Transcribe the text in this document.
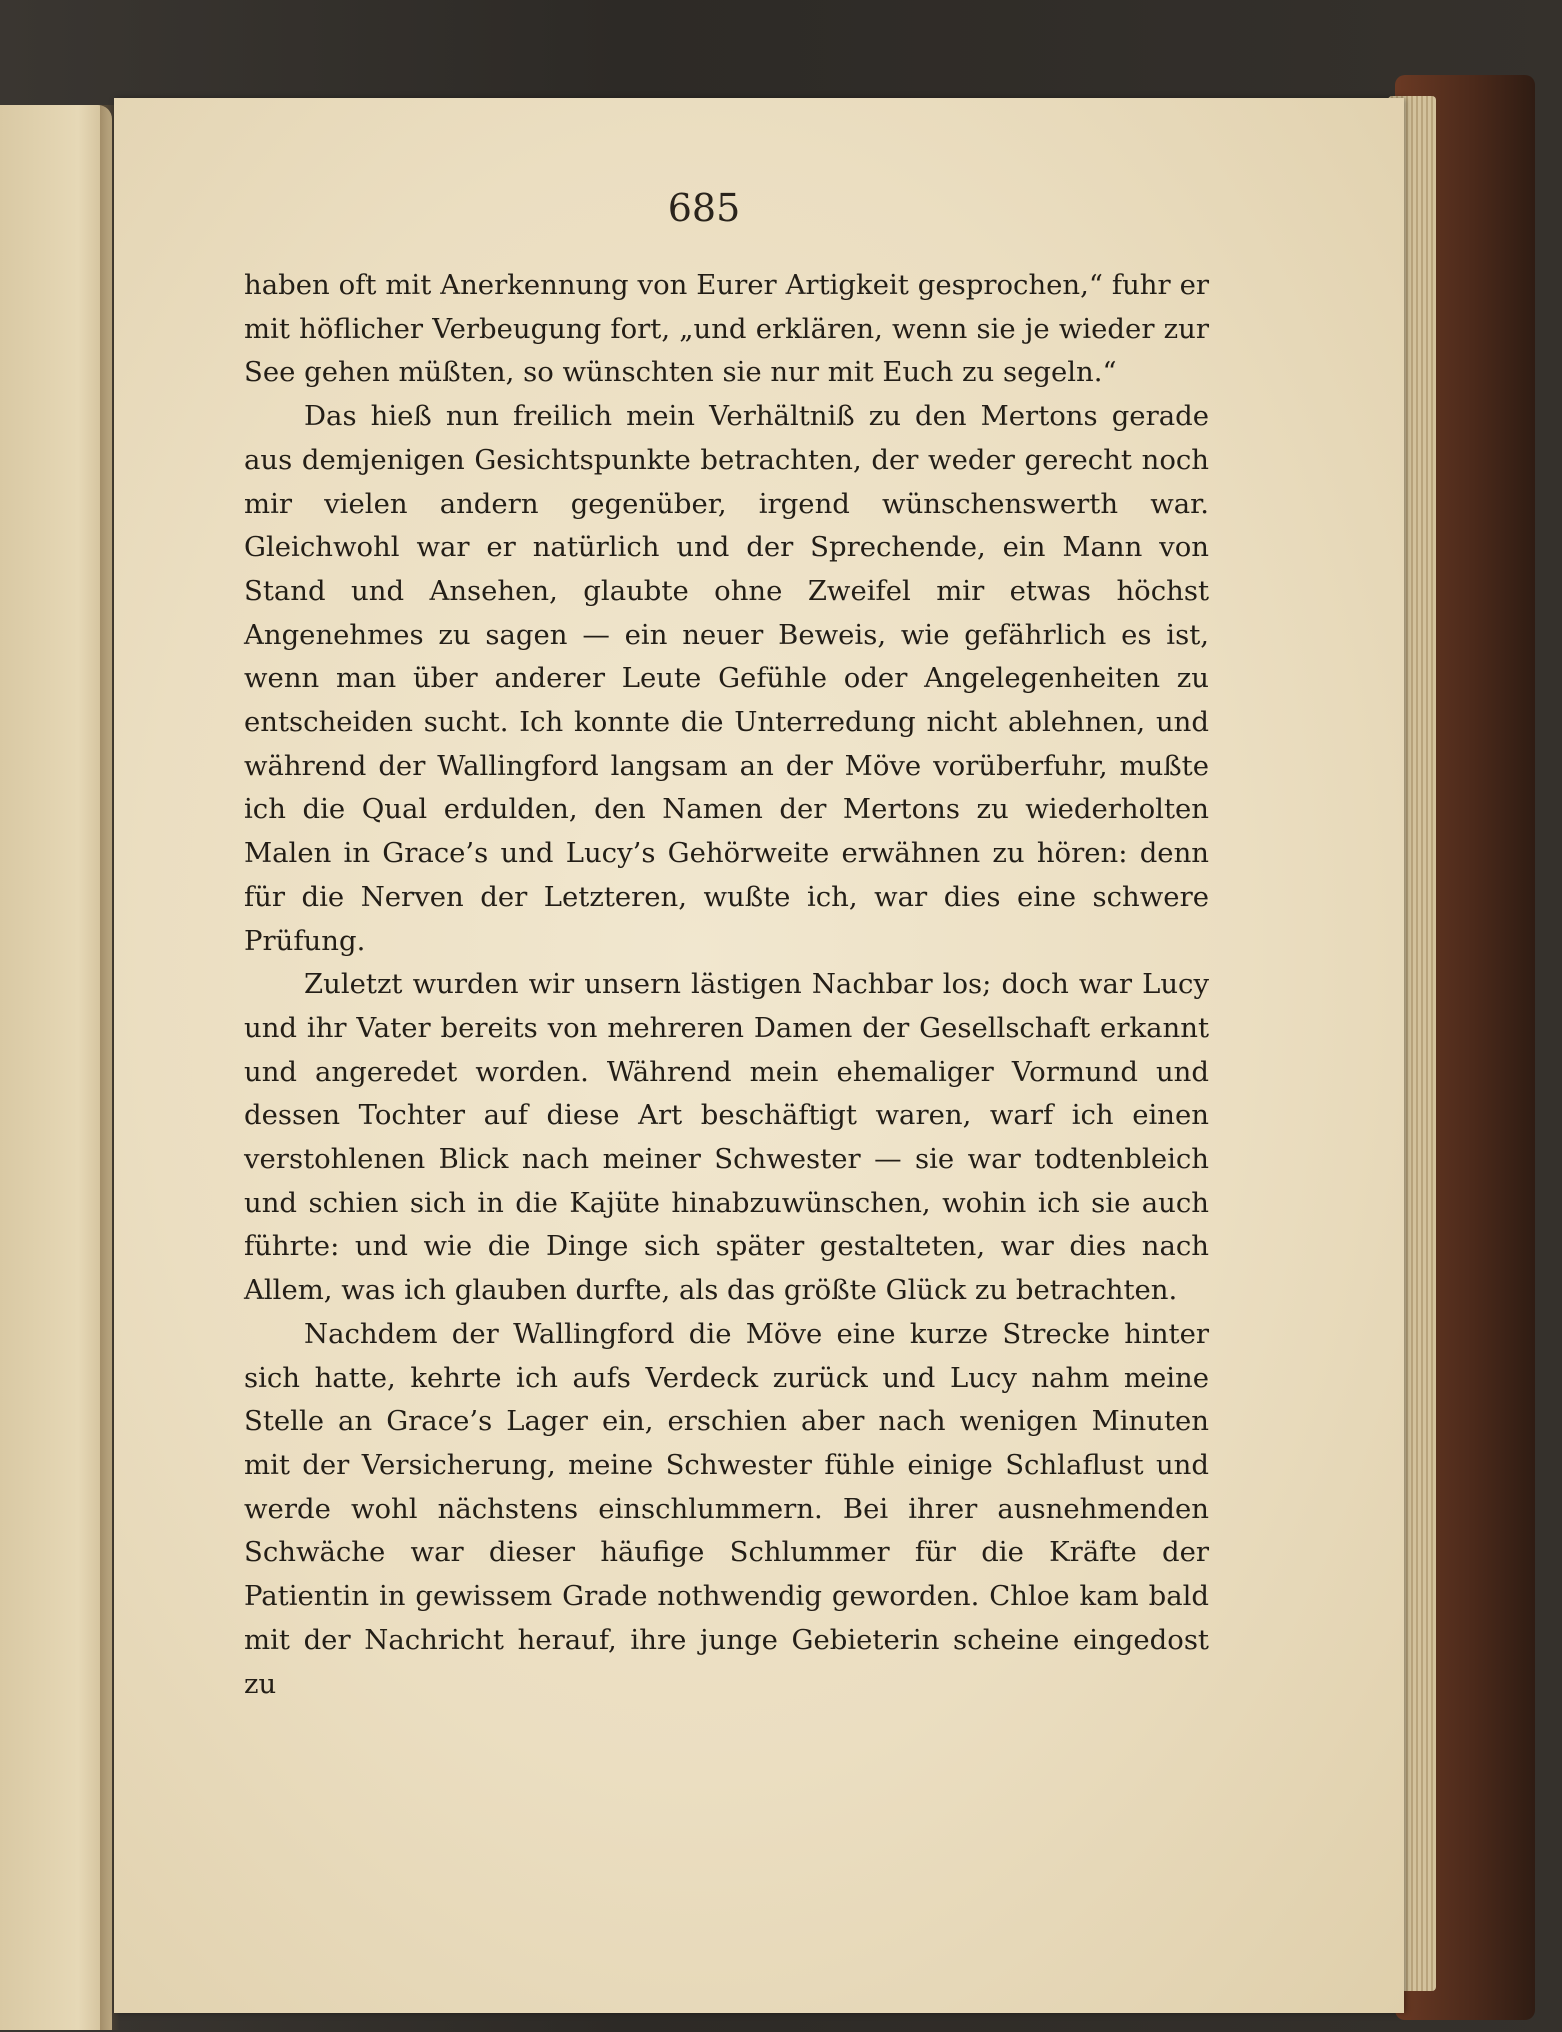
685

haben oft mit Anerkennung von Eurer Artigkeit gesprochen,“ fuhr er mit höflicher Verbeugung fort, „und erklären, wenn sie je wieder zur See gehen müßten, so wünschten sie nur mit Euch zu segeln.“

Das hieß nun freilich mein Verhältniß zu den Mertons gerade aus demjenigen Gesichtspunkte betrachten, der weder gerecht noch mir vielen andern gegenüber, irgend wünschenswerth war. Gleichwohl war er natürlich und der Sprechende, ein Mann von Stand und Ansehen, glaubte ohne Zweifel mir etwas höchst Angenehmes zu sagen — ein neuer Beweis, wie gefährlich es ist, wenn man über anderer Leute Gefühle oder Angelegenheiten zu entscheiden sucht. Ich konnte die Unterredung nicht ablehnen, und während der Wallingford langsam an der Möve vorüberfuhr, mußte ich die Qual erdulden, den Namen der Mertons zu wiederholten Malen in Grace’s und Lucy’s Gehörweite erwähnen zu hören: denn für die Nerven der Letzteren, wußte ich, war dies eine schwere Prüfung.

Zuletzt wurden wir unsern lästigen Nachbar los; doch war Lucy und ihr Vater bereits von mehreren Damen der Gesellschaft erkannt und angeredet worden. Während mein ehemaliger Vormund und dessen Tochter auf diese Art beschäftigt waren, warf ich einen verstohlenen Blick nach meiner Schwester — sie war todtenbleich und schien sich in die Kajüte hinabzuwünschen, wohin ich sie auch führte: und wie die Dinge sich später gestalteten, war dies nach Allem, was ich glauben durfte, als das größte Glück zu betrachten.

Nachdem der Wallingford die Möve eine kurze Strecke hinter sich hatte, kehrte ich aufs Verdeck zurück und Lucy nahm meine Stelle an Grace’s Lager ein, erschien aber nach wenigen Minuten mit der Versicherung, meine Schwester fühle einige Schlaflust und werde wohl nächstens einschlummern. Bei ihrer ausnehmenden Schwäche war dieser häufige Schlummer für die Kräfte der Patientin in gewissem Grade nothwendig geworden. Chloe kam bald mit der Nachricht herauf, ihre junge Gebieterin scheine eingedost zu
